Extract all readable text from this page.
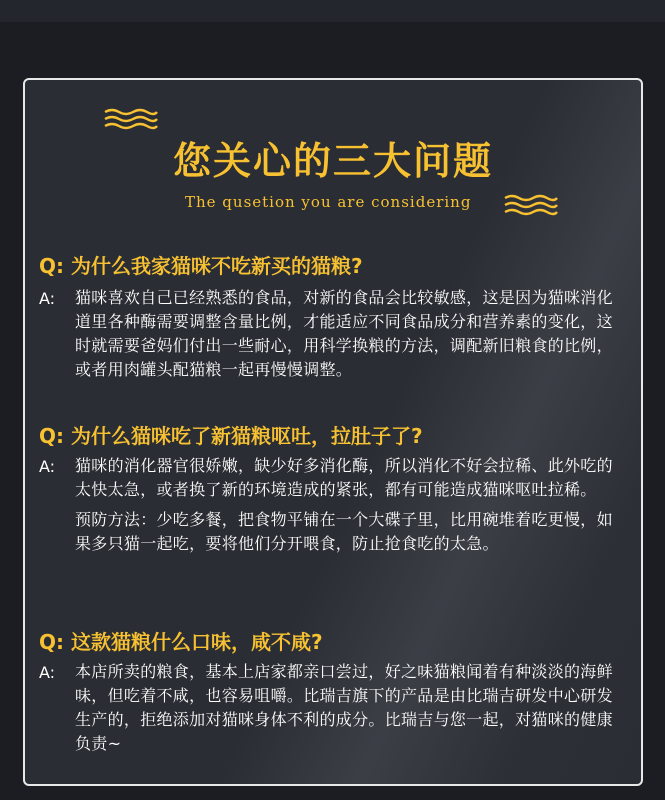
您关心的三大问题
The qusetion you are considering
Q: 为什么我家猫咪不吃新买的猫粮?
A: 猫咪喜欢自己已经熟悉的食品，对新的食品会比较敏感，这是因为猫咪消化道里各种酶需要调整含量比例，才能适应不同食品成分和营养素的变化，这时就需要爸妈们付出一些耐心，用科学换粮的方法，调配新旧粮食的比例，或者用肉罐头配猫粮一起再慢慢调整。

Q: 为什么猫咪吃了新猫粮呕吐，拉肚子了?
A: 猫咪的消化器官很娇嫩，缺少好多消化酶，所以消化不好会拉稀、此外吃的太快太急，或者换了新的环境造成的紧张，都有可能造成猫咪呕吐拉稀。

预防方法：少吃多餐，把食物平铺在一个大碟子里，比用碗堆着吃更慢，如果多只猫一起吃，要将他们分开喂食，防止抢食吃的太急。

Q: 这款猫粮什么口味，咸不咸?
A: 本店所卖的粮食，基本上店家都亲口尝过，好之味猫粮闻着有种淡淡的海鲜味，但吃着不咸，也容易咀嚼。比瑞吉旗下的产品是由比瑞吉研发中心研发生产的，拒绝添加对猫咪身体不利的成分。比瑞吉与您一起，对猫咪的健康负责~
